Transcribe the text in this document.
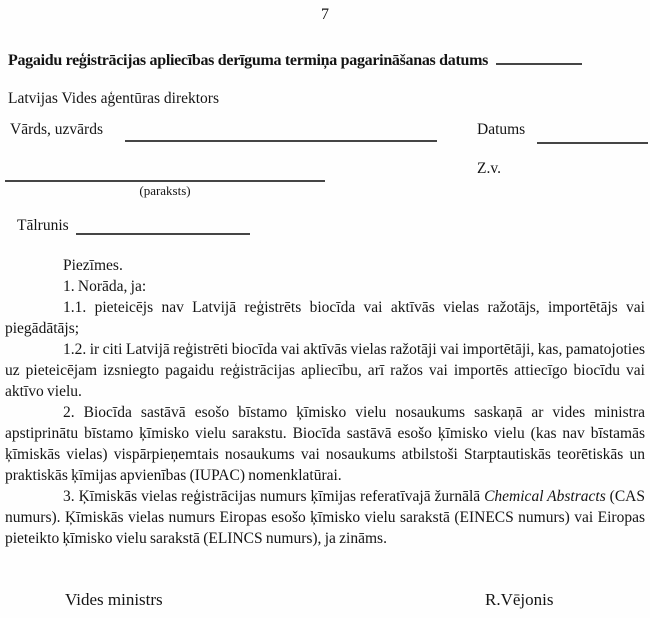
7
Pagaidu reģistrācijas apliecības derīguma termiņa pagarināšanas datums
Latvijas Vides aģentūras direktors
Vārds, uzvārds	Datums
(paraksts)
Z.v.
Tālrunis

Piezīmes.

1. Norāda, ja:

1.1. pieteicējs nav Latvijā reģistrēts biocīda vai aktīvās vielas ražotājs, importētājs vai piegādātājs;

1.2. ir citi Latvijā reģistrēti biocīda vai aktīvās vielas ražotāji vai importētāji, kas, pamatojoties uz pieteicējam izsniegto pagaidu reģistrācijas apliecību, arī ražos vai importēs attiecīgo biocīdu vai aktīvo vielu.

2. Biocīda sastāvā esošo bīstamo ķīmisko vielu nosaukums saskaņā ar vides ministra apstiprinātu bīstamo ķīmisko vielu sarakstu. Biocīda sastāvā esošo ķīmisko vielu (kas nav bīstamās ķīmiskās vielas) vispārpieņemtais nosaukums vai nosaukums atbilstoši Starptautiskās teorētiskās un praktiskās ķīmijas apvienības (IUPAC) nomenklatūrai.

3. Ķīmiskās vielas reģistrācijas numurs ķīmijas referatīvajā žurnālā Chemical Abstracts (CAS numurs). Ķīmiskās vielas numurs Eiropas esošo ķīmisko vielu sarakstā (EINECS numurs) vai Eiropas pieteikto ķīmisko vielu sarakstā (ELINCS numurs), ja zināms.

Vides ministrs	R.Vējonis
